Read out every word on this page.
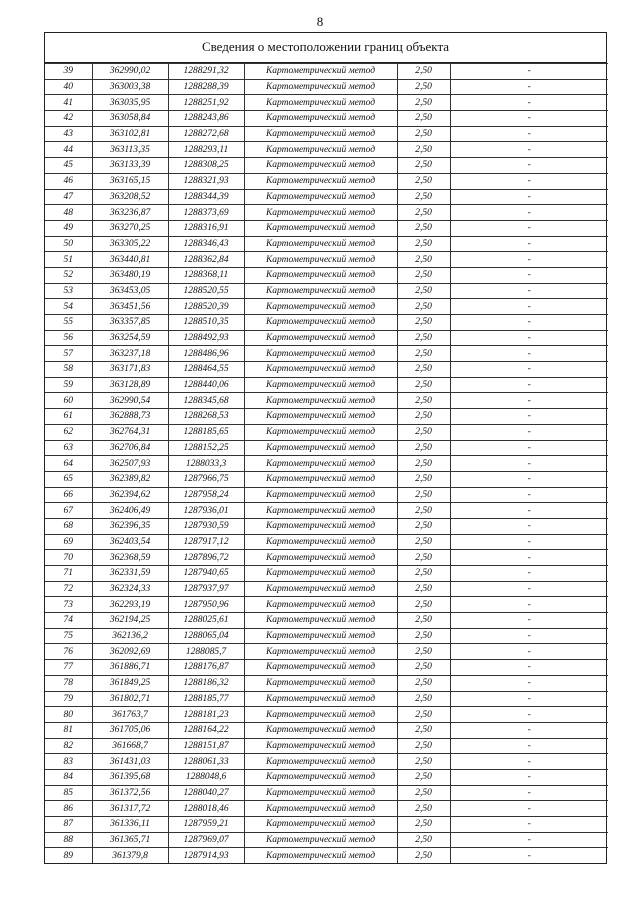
8
Сведения о местоположении границ объекта
39	362990,02	1288291,32	Картометрический метод	2,50	-
40	363003,38	1288288,39	Картометрический метод	2,50	-
41	363035,95	1288251,92	Картометрический метод	2,50	-
42	363058,84	1288243,86	Картометрический метод	2,50	-
43	363102,81	1288272,68	Картометрический метод	2,50	-
44	363113,35	1288293,11	Картометрический метод	2,50	-
45	363133,39	1288308,25	Картометрический метод	2,50	-
46	363165,15	1288321,93	Картометрический метод	2,50	-
47	363208,52	1288344,39	Картометрический метод	2,50	-
48	363236,87	1288373,69	Картометрический метод	2,50	-
49	363270,25	1288316,91	Картометрический метод	2,50	-
50	363305,22	1288346,43	Картометрический метод	2,50	-
51	363440,81	1288362,84	Картометрический метод	2,50	-
52	363480,19	1288368,11	Картометрический метод	2,50	-
53	363453,05	1288520,55	Картометрический метод	2,50	-
54	363451,56	1288520,39	Картометрический метод	2,50	-
55	363357,85	1288510,35	Картометрический метод	2,50	-
56	363254,59	1288492,93	Картометрический метод	2,50	-
57	363237,18	1288486,96	Картометрический метод	2,50	-
58	363171,83	1288464,55	Картометрический метод	2,50	-
59	363128,89	1288440,06	Картометрический метод	2,50	-
60	362990,54	1288345,68	Картометрический метод	2,50	-
61	362888,73	1288268,53	Картометрический метод	2,50	-
62	362764,31	1288185,65	Картометрический метод	2,50	-
63	362706,84	1288152,25	Картометрический метод	2,50	-
64	362507,93	1288033,3	Картометрический метод	2,50	-
65	362389,82	1287966,75	Картометрический метод	2,50	-
66	362394,62	1287958,24	Картометрический метод	2,50	-
67	362406,49	1287936,01	Картометрический метод	2,50	-
68	362396,35	1287930,59	Картометрический метод	2,50	-
69	362403,54	1287917,12	Картометрический метод	2,50	-
70	362368,59	1287896,72	Картометрический метод	2,50	-
71	362331,59	1287940,65	Картометрический метод	2,50	-
72	362324,33	1287937,97	Картометрический метод	2,50	-
73	362293,19	1287950,96	Картометрический метод	2,50	-
74	362194,25	1288025,61	Картометрический метод	2,50	-
75	362136,2	1288065,04	Картометрический метод	2,50	-
76	362092,69	1288085,7	Картометрический метод	2,50	-
77	361886,71	1288176,87	Картометрический метод	2,50	-
78	361849,25	1288186,32	Картометрический метод	2,50	-
79	361802,71	1288185,77	Картометрический метод	2,50	-
80	361763,7	1288181,23	Картометрический метод	2,50	-
81	361705,06	1288164,22	Картометрический метод	2,50	-
82	361668,7	1288151,87	Картометрический метод	2,50	-
83	361431,03	1288061,33	Картометрический метод	2,50	-
84	361395,68	1288048,6	Картометрический метод	2,50	-
85	361372,56	1288040,27	Картометрический метод	2,50	-
86	361317,72	1288018,46	Картометрический метод	2,50	-
87	361336,11	1287959,21	Картометрический метод	2,50	-
88	361365,71	1287969,07	Картометрический метод	2,50	-
89	361379,8	1287914,93	Картометрический метод	2,50	-
